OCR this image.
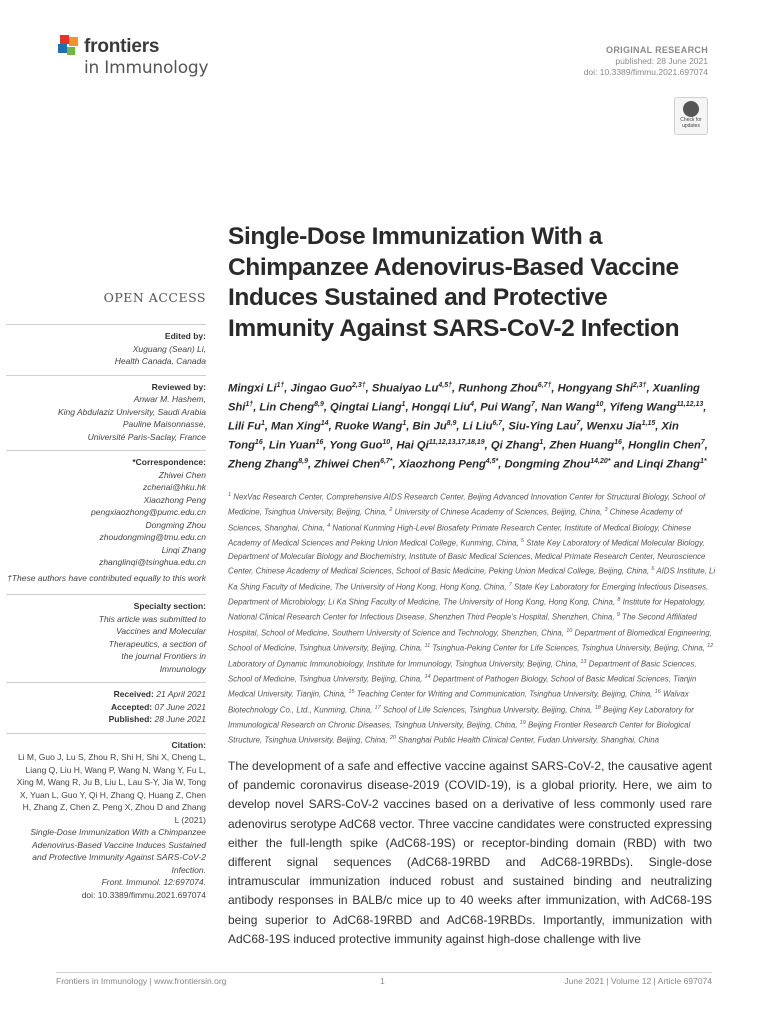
frontiers
in Immunology
ORIGINAL RESEARCH
published: 28 June 2021
doi: 10.3389/fimmu.2021.697074
Check for updates
Single-Dose Immunization With a Chimpanzee Adenovirus-Based Vaccine Induces Sustained and Protective Immunity Against SARS-CoV-2 Infection
OPEN ACCESS
Edited by:
Xuguang (Sean) Li,
Health Canada, Canada
Reviewed by:
Anwar M. Hashem,
King Abdulaziz University, Saudi Arabia
Pauline Maisonnasse,
Université Paris-Saclay, France
*Correspondence:
Zhiwei Chen
zchenai@hku.hk
Xiaozhong Peng
pengxiaozhong@pumc.edu.cn
Dongming Zhou
zhoudongming@tmu.edu.cn
Linqi Zhang
zhanglinqi@tsinghua.edu.cn
†These authors have contributed equally to this work
Specialty section:
This article was submitted to Vaccines and Molecular Therapeutics, a section of the journal Frontiers in Immunology
Received: 21 April 2021
Accepted: 07 June 2021
Published: 28 June 2021
Citation:
Li M, Guo J, Lu S, Zhou R, Shi H, Shi X, Cheng L, Liang Q, Liu H, Wang P, Wang N, Wang Y, Fu L, Xing M, Wang R, Ju B, Liu L, Lau S-Y, Jia W, Tong X, Yuan L, Guo Y, Qi H, Zhang Q, Huang Z, Chen H, Zhang Z, Chen Z, Peng X, Zhou D and Zhang L (2021)
Single-Dose Immunization With a Chimpanzee Adenovirus-Based Vaccine Induces Sustained and Protective Immunity Against SARS-CoV-2 Infection.
Front. Immunol. 12:697074.
doi: 10.3389/fimmu.2021.697074
Mingxi $Li^{1\dagger}$, Jingao Guo$^{2,3\dagger}$, Shuaiyao $Lu^{4,5\dagger}$, Runhong Zhou$^{6,7\dagger}$, Hongyang Shi$^{2,3\dagger}$, Xuanling Shi$^{1\dagger}$, Lin Cheng$^{8,9}$, Qingtai Liang$^1$, Hongqi Liu$^4$, Pui Wang$^7$, Nan Wang$^{10}$, Yifeng Wang$^{11,12,13}$, Lili Fu$^1$, Man Xing$^{14}$, Ruoke Wang$^1$, Bin Ju$^{8,9}$, Li Liu$^{6,7}$, Siu-Ying Lau$^7$, Wenxu Jia$^{1,15}$, Xin Tong$^{16}$, Lin Yuan$^{16}$, Yong Guo$^{10}$, Hai Qi$^{11,12,13,17,18,19}$, Qi Zhang$^1$, Zhen Huang$^{16}$, Honglin Chen$^7$, Zheng Zhang$^{8,9}$, Zhiwei Chen$^{6,7*}$, Xiaozhong Peng$^{4,5*}$, Dongming Zhou$^{14,20*}$ and Linqi Zhang$^{1*}$
$^1$ NexVac Research Center, Comprehensive AIDS Research Center, Beijing Advanced Innovation Center for Structural Biology, School of Medicine, Tsinghua University, Beijing, China, $^2$ University of Chinese Academy of Sciences, Beijing, China, $^3$ Chinese Academy of Sciences, Shanghai, China, $^4$ National Kunming High-Level Biosafety Primate Research Center, Institute of Medical Biology, Chinese Academy of Medical Sciences and Peking Union Medical College, Kunming, China, $^5$ State Key Laboratory of Medical Molecular Biology, Department of Molecular Biology and Biochemistry, Institute of Basic Medical Sciences, Medical Primate Research Center, Neuroscience Center, Chinese Academy of Medical Sciences, School of Basic Medicine, Peking Union Medical College, Beijing, China, $^6$ AIDS Institute, Li Ka Shing Faculty of Medicine, The University of Hong Kong, Hong Kong, China, $^7$ State Key Laboratory for Emerging Infectious Diseases, Department of Microbiology, Li Ka Shing Faculty of Medicine, The University of Hong Kong, Hong Kong, China, $^8$ Institute for Hepatology, National Clinical Research Center for Infectious Disease, Shenzhen Third People's Hospital, Shenzhen, China, $^9$ The Second Affiliated Hospital, School of Medicine, Southern University of Science and Technology, Shenzhen, China, $^{10}$ Department of Biomedical Engineering, School of Medicine, Tsinghua University, Beijing, China, $^{11}$ Tsinghua-Peking Center for Life Sciences, Tsinghua University, Beijing, China, $^{12}$ Laboratory of Dynamic Immunobiology, Institute for Immunology, Tsinghua University, Beijing, China, $^{13}$ Department of Basic Sciences, School of Medicine, Tsinghua University, Beijing, China, $^{14}$ Department of Pathogen Biology, School of Basic Medical Sciences, Tianjin Medical University, Tianjin, China, $^{15}$ Teaching Center for Writing and Communication, Tsinghua University, Beijing, China, $^{16}$ Walvax Biotechnology Co., Ltd., Kunming, China, $^{17}$ School of Life Sciences, Tsinghua University, Beijing, China, $^{18}$ Beijing Key Laboratory for Immunological Research on Chronic Diseases, Tsinghua University, Beijing, China, $^{19}$ Beijing Frontier Research Center for Biological Structure, Tsinghua University, Beijing, China, $^{20}$ Shanghai Public Health Clinical Center, Fudan University, Shanghai, China
The development of a safe and effective vaccine against SARS-CoV-2, the causative agent of pandemic coronavirus disease-2019 (COVID-19), is a global priority. Here, we aim to develop novel SARS-CoV-2 vaccines based on a derivative of less commonly used rare adenovirus serotype AdC68 vector. Three vaccine candidates were constructed expressing either the full-length spike (AdC68-19S) or receptor-binding domain (RBD) with two different signal sequences (AdC68-19RBD and AdC68-19RBDs). Single-dose intramuscular immunization induced robust and sustained binding and neutralizing antibody responses in BALB/c mice up to 40 weeks after immunization, with AdC68-19S being superior to AdC68-19RBD and AdC68-19RBDs. Importantly, immunization with AdC68-19S induced protective immunity against high-dose challenge with live
Frontiers in Immunology | www.frontiersin.org	1	June 2021 | Volume 12 | Article 697074
